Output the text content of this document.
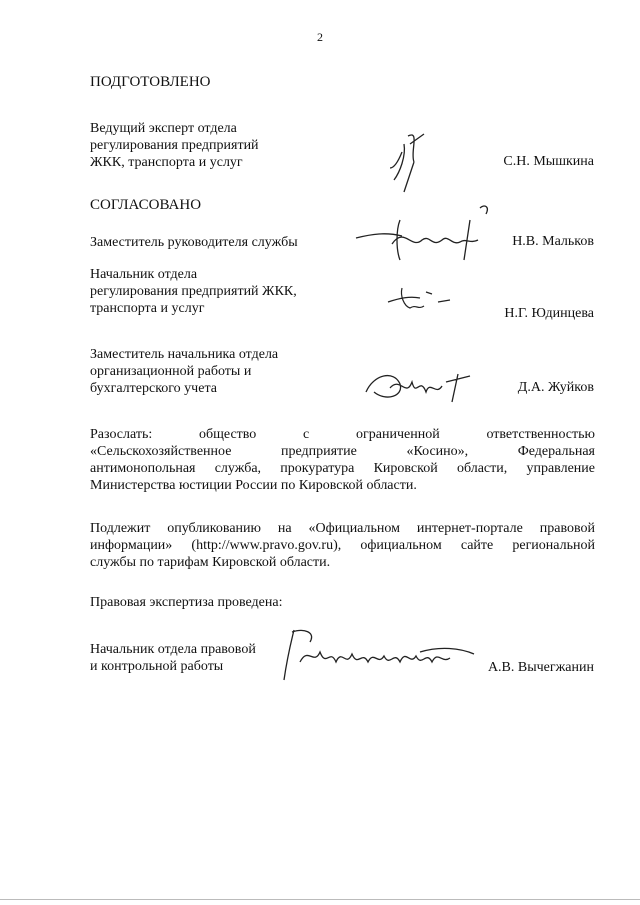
2
ПОДГОТОВЛЕНО
Ведущий эксперт отдела
регулирования предприятий
ЖКК, транспорта и услуг	С.Н. Мышкина
СОГЛАСОВАНО
Заместитель руководителя службы	Н.В. Мальков
Начальник отдела
регулирования предприятий ЖКК,
транспорта и услуг	Н.Г. Юдинцева
Заместитель начальника отдела
организационной работы и
бухгалтерского учета	Д.А. Жуйков
Разослать: общество с ограниченной ответственностью
«Сельскохозяйственное предприятие «Косино», Федеральная
антимонопольная служба, прокуратура Кировской области, управление
Министерства юстиции России по Кировской области.
Подлежит опубликованию на «Официальном интернет-портале правовой
информации» (http://www.pravo.gov.ru), официальном сайте региональной
службы по тарифам Кировской области.
Правовая экспертиза проведена:
Начальник отдела правовой
и контрольной работы	А.В. Вычегжанин
